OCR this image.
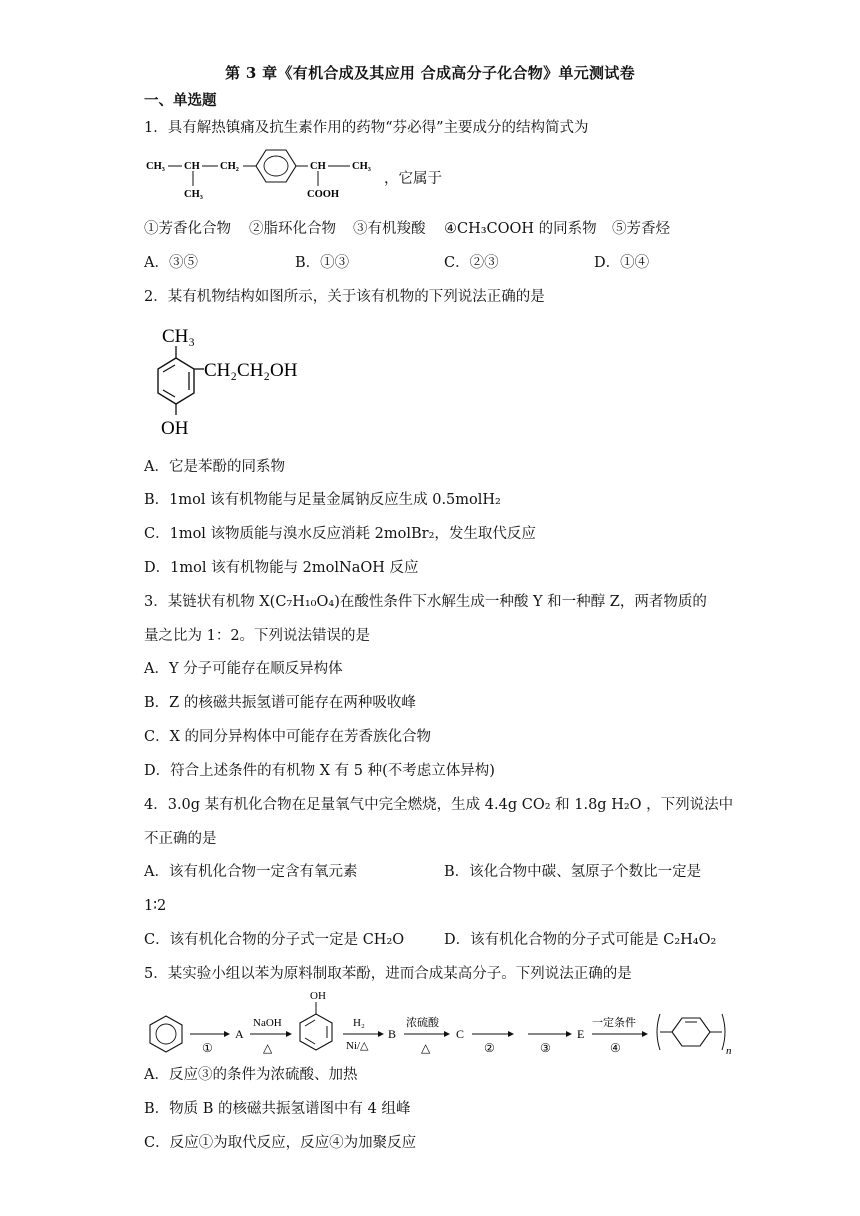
第 3 章《有机合成及其应用 合成高分子化合物》单元测试卷
一、单选题
1．具有解热镇痛及抗生素作用的药物“芬必得”主要成分的结构简式为
CH₃ CH CH₂
CH₃
CH	CH₃
COOH
，它属于
①芳香化合物 ②脂环化合物 ③有机羧酸 ④CH₃COOH 的同系物 ⑤芳香烃
A．③⑤	B．①③	C．②③	D．①④
2．某有机物结构如图所示，关于该有机物的下列说法正确的是
CH₃
CH₂CH₂OH
OH
A．它是苯酚的同系物
B．1mol 该有机物能与足量金属钠反应生成 0.5molH₂
C．1mol 该物质能与溴水反应消耗 2molBr₂，发生取代反应
D．1mol 该有机物能与 2molNaOH 反应
3．某链状有机物 X(C₇H₁₀O₄)在酸性条件下水解生成一种酸 Y 和一种醇 Z，两者物质的
量之比为 1：2。下列说法错误的是
A．Y 分子可能存在顺反异构体
B．Z 的核磁共振氢谱可能存在两种吸收峰
C．X 的同分异构体中可能存在芳香族化合物
D．符合上述条件的有机物 X 有 5 种(不考虑立体异构)
4．3.0g 某有机化合物在足量氧气中完全燃烧，生成 4.4g CO₂ 和 1.8g H₂O ，下列说法中
不正确的是
A．该有机化合物一定含有氧元素	B．该化合物中碳、氢原子个数比一定是
1∶2
C．该有机化合物的分子式一定是 CH₂O	D．该有机化合物的分子式可能是 C₂H₄O₂
5．某实验小组以苯为原料制取苯酚，进而合成某高分子。下列说法正确的是
①
A
NaOH
△
OH
H₂
Ni/△
B
浓硫酸
△
C
②	③
E
一定条件
④	n
A．反应③的条件为浓硫酸、加热
B．物质 B 的核磁共振氢谱图中有 4 组峰
C．反应①为取代反应，反应④为加聚反应
